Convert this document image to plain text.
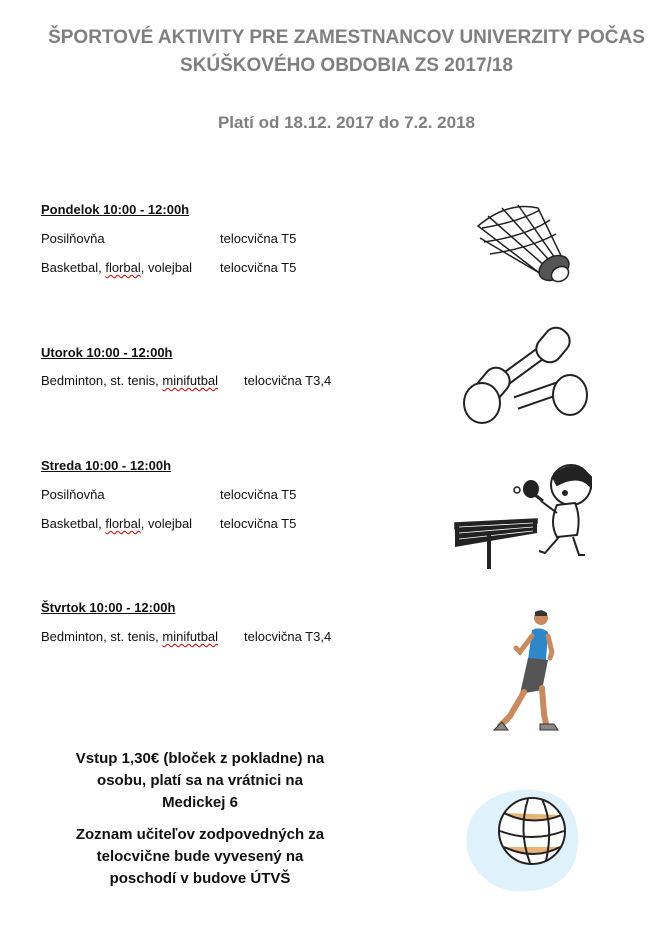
ŠPORTOVÉ AKTIVITY PRE ZAMESTNANCOV UNIVERZITY POČAS
SKÚŠKOVÉHO OBDOBIA ZS 2017/18
Platí od 18.12. 2017 do 7.2. 2018
Pondelok 10:00 - 12:00h
Posilňovňa	telocvična T5
Basketbal, florbal, volejbal telocvična T5
Utorok 10:00 - 12:00h
Bedminton, st. tenis, minifutbal telocvična T3,4
Streda 10:00 - 12:00h
Posilňovňa	telocvična T5
Basketbal, florbal, volejbal telocvična T5
Štvrtok 10:00 - 12:00h
Bedminton, st. tenis, minifutbal telocvična T3,4
Vstup 1,30€ (bloček z pokladne) na
osobu, platí sa na vrátnici na
Medickej 6
Zoznam učiteľov zodpovedných za
telocvične bude vyvesený na
poschodí v budove ÚTVŠ
